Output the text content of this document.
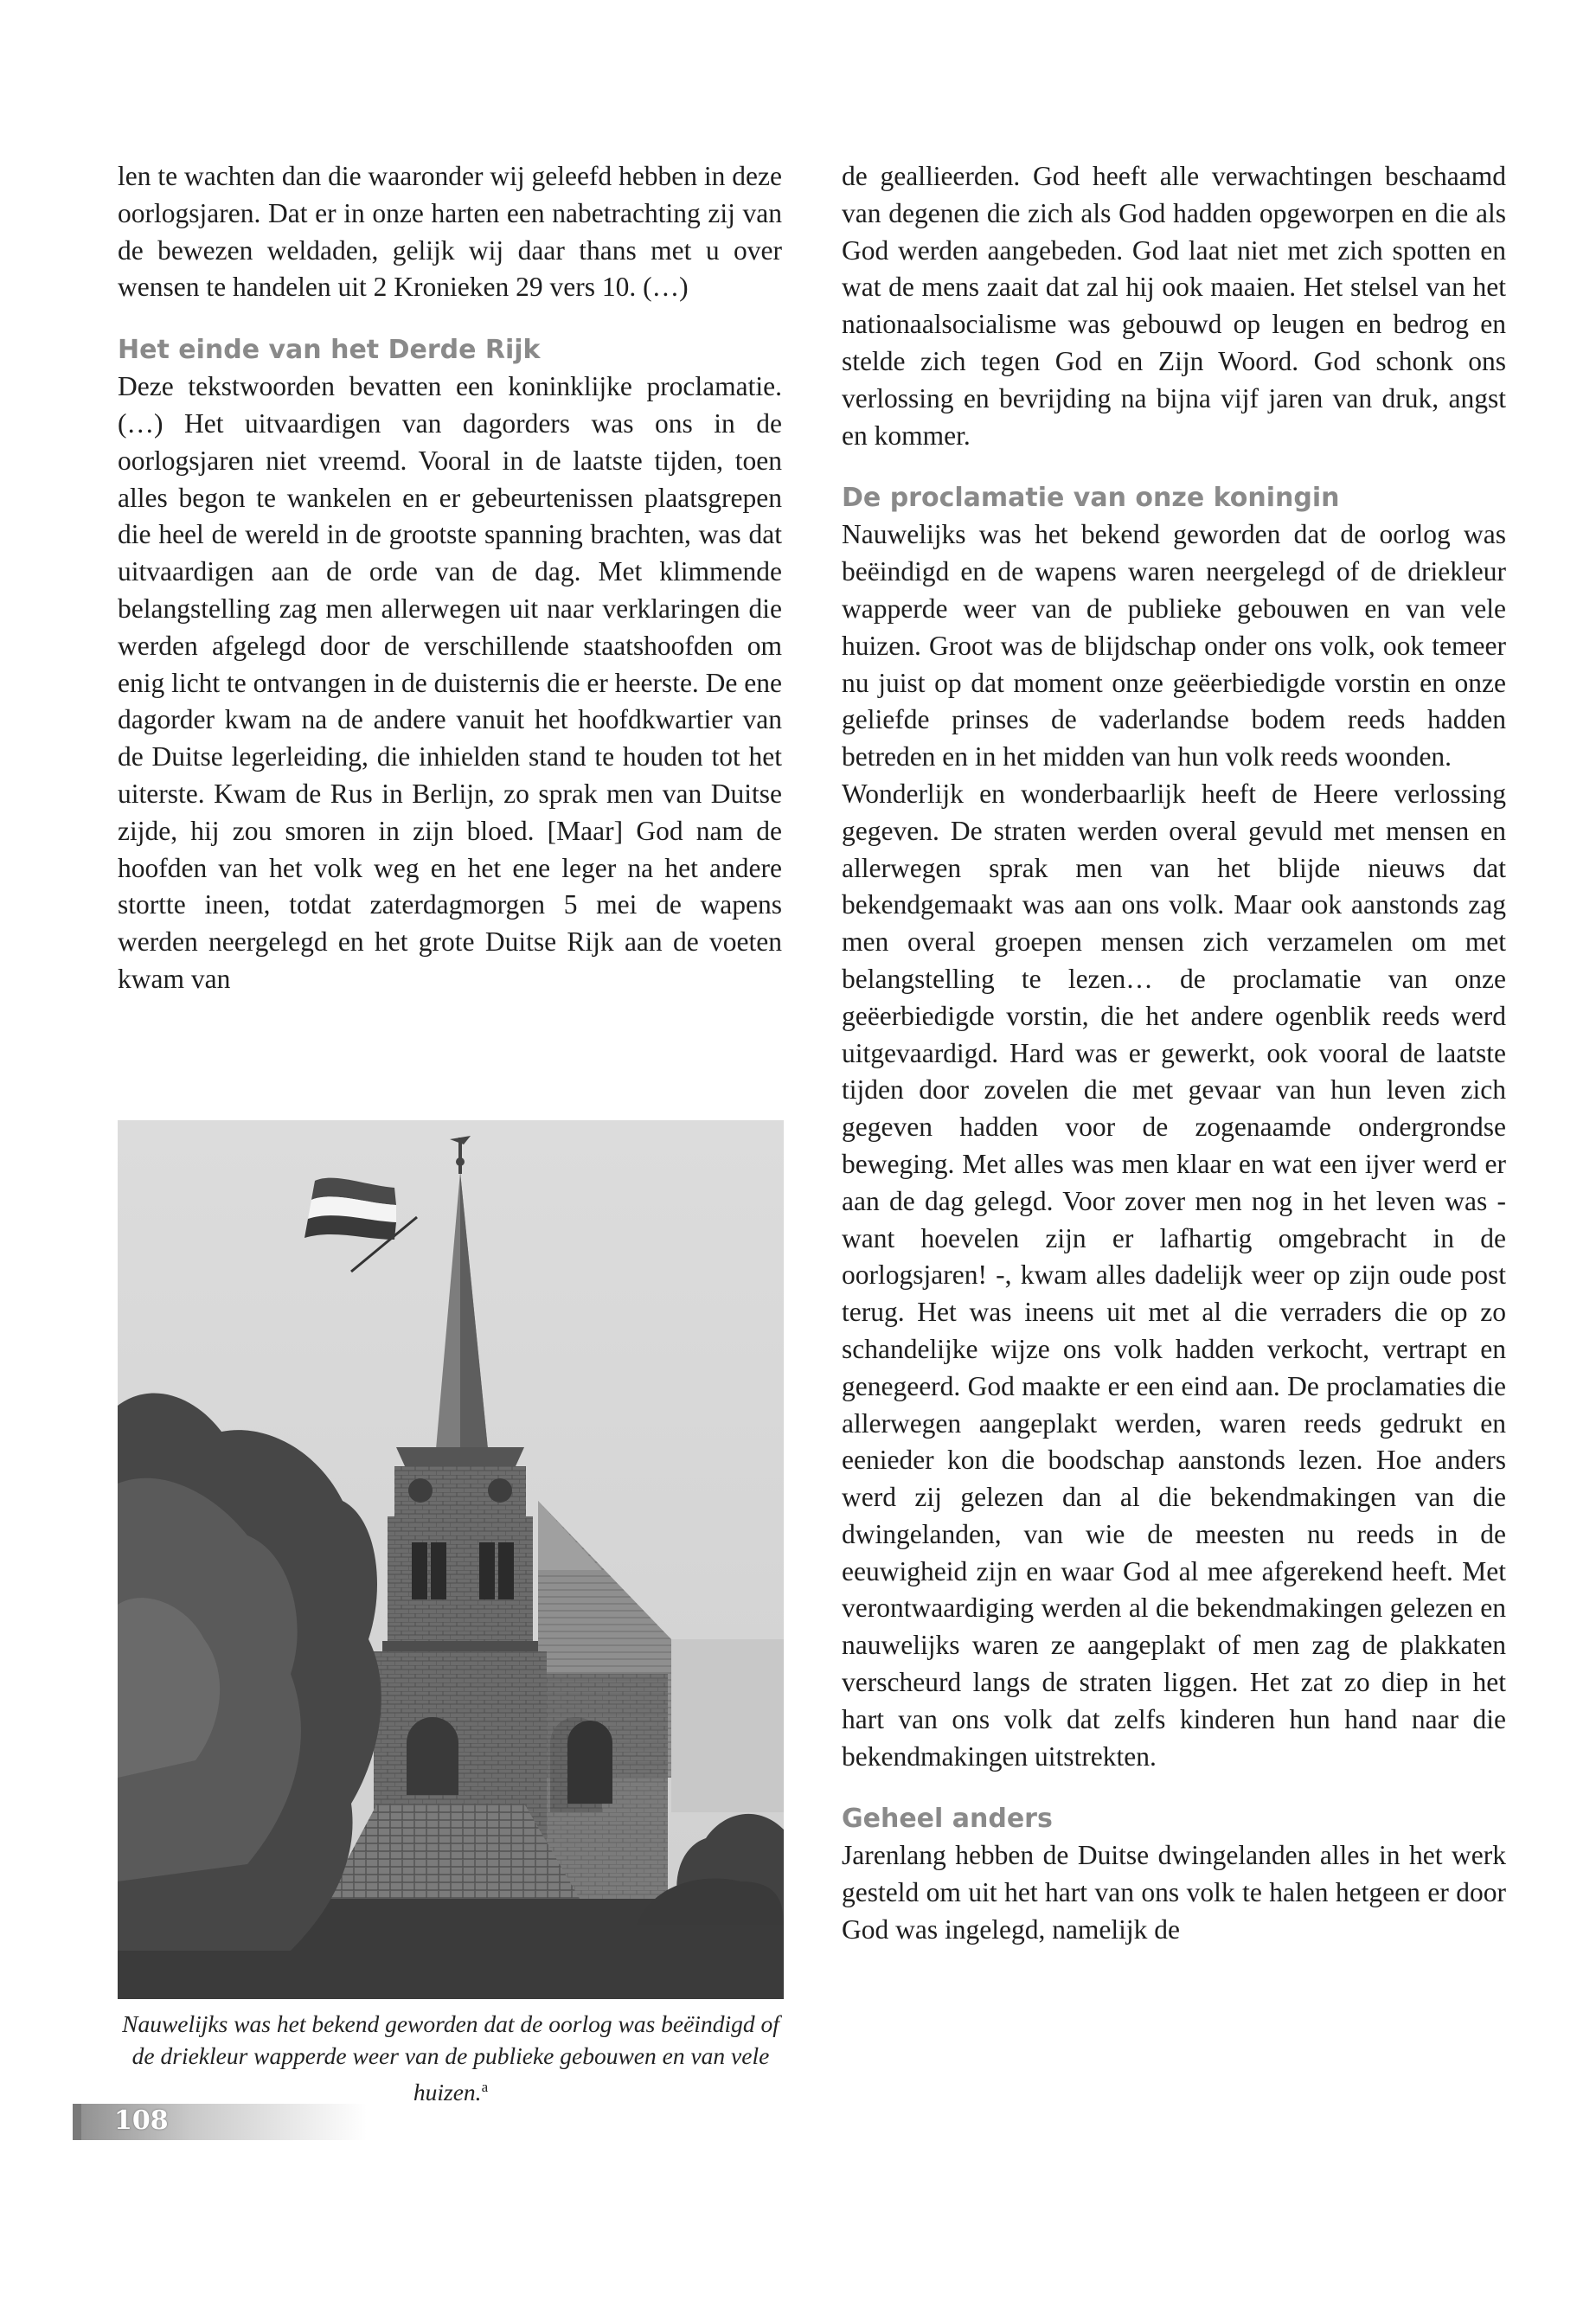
len te wachten dan die waaronder wij geleefd hebben in deze oorlogsjaren. Dat er in onze harten een nabetrachting zij van de bewezen weldaden, gelijk wij daar thans met u over wensen te handelen uit 2 Kronieken 29 vers 10. (…)

Het einde van het Derde Rijk

Deze tekstwoorden bevatten een koninklijke proclamatie. (…) Het uitvaardigen van dagorders was ons in de oorlogsjaren niet vreemd. Vooral in de laatste tijden, toen alles begon te wankelen en er gebeurtenissen plaatsgrepen die heel de wereld in de grootste spanning brachten, was dat uitvaardigen aan de orde van de dag. Met klimmende belangstelling zag men allerwegen uit naar verklaringen die werden afgelegd door de verschillende staatshoofden om enig licht te ontvangen in de duisternis die er heerste. De ene dagorder kwam na de andere vanuit het hoofdkwartier van de Duitse legerleiding, die inhielden stand te houden tot het uiterste. Kwam de Rus in Berlijn, zo sprak men van Duitse zijde, hij zou smoren in zijn bloed. [Maar] God nam de hoofden van het volk weg en het ene leger na het andere stortte ineen, totdat zaterdagmorgen 5 mei de wapens werden neergelegd en het grote Duitse Rijk aan de voeten kwam van

Nauwelijks was het bekend geworden dat de oorlog was beëindigd of de driekleur wapperde weer van de publieke gebouwen en van vele huizen.$^a$

de geallieerden. God heeft alle verwachtingen beschaamd van degenen die zich als God hadden opgeworpen en die als God werden aangebeden. God laat niet met zich spotten en wat de mens zaait dat zal hij ook maaien. Het stelsel van het nationaalsocialisme was gebouwd op leugen en bedrog en stelde zich tegen God en Zijn Woord. God schonk ons verlossing en bevrijding na bijna vijf jaren van druk, angst en kommer.

De proclamatie van onze koningin

Nauwelijks was het bekend geworden dat de oorlog was beëindigd en de wapens waren neergelegd of de driekleur wapperde weer van de publieke gebouwen en van vele huizen. Groot was de blijdschap onder ons volk, ook temeer nu juist op dat moment onze geëerbiedigde vorstin en onze geliefde prinses de vaderlandse bodem reeds hadden betreden en in het midden van hun volk reeds woonden.

Wonderlijk en wonderbaarlijk heeft de Heere verlossing gegeven. De straten werden overal gevuld met mensen en allerwegen sprak men van het blijde nieuws dat bekendgemaakt was aan ons volk. Maar ook aanstonds zag men overal groepen mensen zich verzamelen om met belangstelling te lezen… de proclamatie van onze geëerbiedigde vorstin, die het andere ogenblik reeds werd uitgevaardigd. Hard was er gewerkt, ook vooral de laatste tijden door zovelen die met gevaar van hun leven zich gegeven hadden voor de zogenaamde ondergrondse beweging. Met alles was men klaar en wat een ijver werd er aan de dag gelegd. Voor zover men nog in het leven was - want hoevelen zijn er lafhartig omgebracht in de oorlogsjaren! -, kwam alles dadelijk weer op zijn oude post terug. Het was ineens uit met al die verraders die op zo schandelijke wijze ons volk hadden verkocht, vertrapt en genegeerd. God maakte er een eind aan. De proclamaties die allerwegen aangeplakt werden, waren reeds gedrukt en eenieder kon die boodschap aanstonds lezen. Hoe anders werd zij gelezen dan al die bekendmakingen van die dwingelanden, van wie de meesten nu reeds in de eeuwigheid zijn en waar God al mee afgerekend heeft. Met verontwaardiging werden al die bekendmakingen gelezen en nauwelijks waren ze aangeplakt of men zag de plakkaten verscheurd langs de straten liggen. Het zat zo diep in het hart van ons volk dat zelfs kinderen hun hand naar die bekendmakingen uitstrekten.

Geheel anders

Jarenlang hebben de Duitse dwingelanden alles in het werk gesteld om uit het hart van ons volk te halen hetgeen er door God was ingelegd, namelijk de

108
